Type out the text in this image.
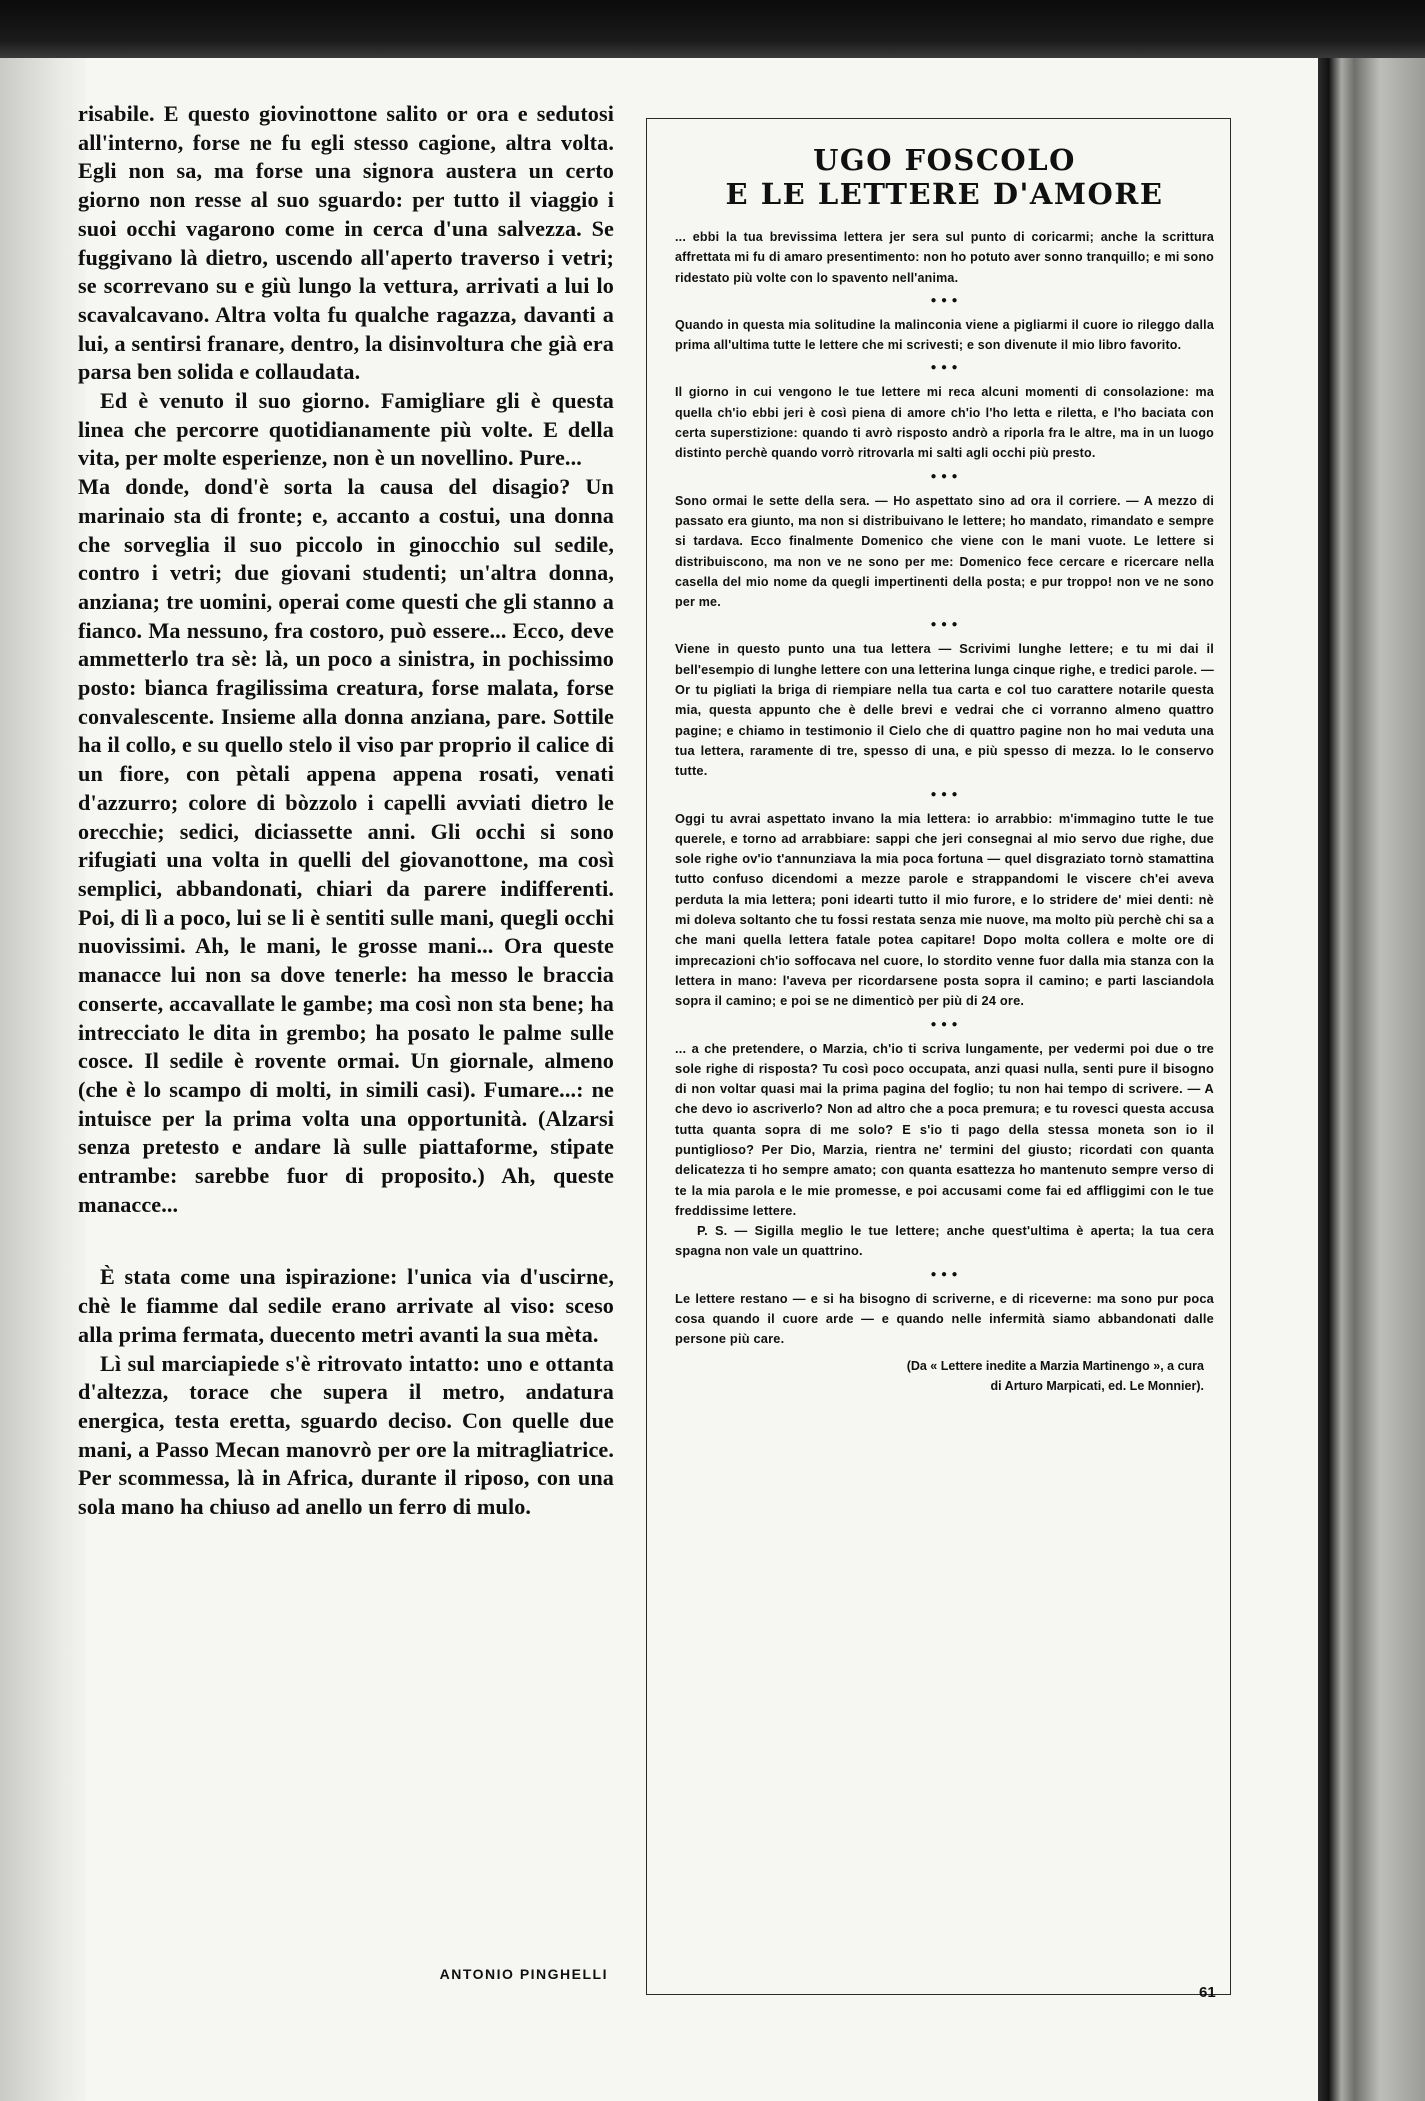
risabile. E questo giovinottone salito or ora e sedutosi all'interno, forse ne fu egli stesso cagione, altra volta. Egli non sa, ma forse una signora austera un certo giorno non resse al suo sguardo: per tutto il viaggio i suoi occhi vagarono come in cerca d'una salvezza. Se fuggivano là dietro, uscendo all'aperto traverso i vetri; se scorrevano su e giù lungo la vettura, arrivati a lui lo scavalcavano. Altra volta fu qualche ragazza, davanti a lui, a sentirsi franare, dentro, la disinvoltura che già era parsa ben solida e collaudata.

Ed è venuto il suo giorno. Famigliare gli è questa linea che percorre quotidianamente più volte. E della vita, per molte esperienze, non è un novellino. Pure...

Ma donde, dond'è sorta la causa del disagio? Un marinaio sta di fronte; e, accanto a costui, una donna che sorveglia il suo piccolo in ginocchio sul sedile, contro i vetri; due giovani studenti; un'altra donna, anziana; tre uomini, operai come questi che gli stanno a fianco. Ma nessuno, fra costoro, può essere... Ecco, deve ammetterlo tra sè: là, un poco a sinistra, in pochissimo posto: bianca fragilissima creatura, forse malata, forse convalescente. Insieme alla donna anziana, pare. Sottile ha il collo, e su quello stelo il viso par proprio il calice di un fiore, con pètali appena appena rosati, venati d'azzurro; colore di bòzzolo i capelli avviati dietro le orecchie; sedici, diciassette anni. Gli occhi si sono rifugiati una volta in quelli del giovanottone, ma così semplici, abbandonati, chiari da parere indifferenti. Poi, di lì a poco, lui se li è sentiti sulle mani, quegli occhi nuovissimi. Ah, le mani, le grosse mani... Ora queste manacce lui non sa dove tenerle: ha messo le braccia conserte, accavallate le gambe; ma così non sta bene; ha intrecciato le dita in grembo; ha posato le palme sulle cosce. Il sedile è rovente ormai. Un giornale, almeno (che è lo scampo di molti, in simili casi). Fumare...: ne intuisce per la prima volta una opportunità. (Alzarsi senza pretesto e andare là sulle piattaforme, stipate entrambe: sarebbe fuor di proposito.) Ah, queste manacce...

È stata come una ispirazione: l'unica via d'uscirne, chè le fiamme dal sedile erano arrivate al viso: sceso alla prima fermata, duecento metri avanti la sua mèta.

Lì sul marciapiede s'è ritrovato intatto: uno e ottanta d'altezza, torace che supera il metro, andatura energica, testa eretta, sguardo deciso. Con quelle due mani, a Passo Mecan manovrò per ore la mitragliatrice. Per scommessa, là in Africa, durante il riposo, con una sola mano ha chiuso ad anello un ferro di mulo.

ANTONIO PINGHELLI
UGO FOSCOLO
E LE LETTERE D'AMORE

... ebbi la tua brevissima lettera jer sera sul punto di coricarmi; anche la scrittura affrettata mi fu di amaro presentimento: non ho potuto aver sonno tranquillo; e mi sono ridestato più volte con lo spavento nell'anima.

● ● ●

Quando in questa mia solitudine la malinconia viene a pigliarmi il cuore io rileggo dalla prima all'ultima tutte le lettere che mi scrivesti; e son divenute il mio libro favorito.

● ● ●

Il giorno in cui vengono le tue lettere mi reca alcuni momenti di consolazione: ma quella ch'io ebbi jeri è così piena di amore ch'io l'ho letta e riletta, e l'ho baciata con certa superstizione: quando ti avrò risposto andrò a riporla fra le altre, ma in un luogo distinto perchè quando vorrò ritrovarla mi salti agli occhi più presto.

● ● ●

Sono ormai le sette della sera. — Ho aspettato sino ad ora il corriere. — A mezzo di passato era giunto, ma non si distribuivano le lettere; ho mandato, rimandato e sempre si tardava. Ecco finalmente Domenico che viene con le mani vuote. Le lettere si distribuiscono, ma non ve ne sono per me: Domenico fece cercare e ricercare nella casella del mio nome da quegli impertinenti della posta; e pur troppo! non ve ne sono per me.

● ● ●

Viene in questo punto una tua lettera — Scrivimi lunghe lettere; e tu mi dai il bell'esempio di lunghe lettere con una letterina lunga cinque righe, e tredici parole. — Or tu pigliati la briga di riempiare nella tua carta e col tuo carattere notarile questa mia, questa appunto che è delle brevi e vedrai che ci vorranno almeno quattro pagine; e chiamo in testimonio il Cielo che di quattro pagine non ho mai veduta una tua lettera, raramente di tre, spesso di una, e più spesso di mezza. Io le conservo tutte.

● ● ●

Oggi tu avrai aspettato invano la mia lettera: io arrabbio: m'immagino tutte le tue querele, e torno ad arrabbiare: sappi che jeri consegnai al mio servo due righe, due sole righe ov'io t'annunziava la mia poca fortuna — quel disgraziato tornò stamattina tutto confuso dicendomi a mezze parole e strappandomi le viscere ch'ei aveva perduta la mia lettera; poni idearti tutto il mio furore, e lo stridere de' miei denti: nè mi doleva soltanto che tu fossi restata senza mie nuove, ma molto più perchè chi sa a che mani quella lettera fatale potea capitare! Dopo molta collera e molte ore di imprecazioni ch'io soffocava nel cuore, lo stordito venne fuor dalla mia stanza con la lettera in mano: l'aveva per ricordarsene posta sopra il camino; e parti lasciandola sopra il camino; e poi se ne dimenticò per più di 24 ore.

● ● ●

... a che pretendere, o Marzia, ch'io ti scriva lungamente, per vedermi poi due o tre sole righe di risposta? Tu così poco occupata, anzi quasi nulla, senti pure il bisogno di non voltar quasi mai la prima pagina del foglio; tu non hai tempo di scrivere. — A che devo io ascriverlo? Non ad altro che a poca premura; e tu rovesci questa accusa tutta quanta sopra di me solo? E s'io ti pago della stessa moneta son io il puntiglioso? Per Dio, Marzia, rientra ne' termini del giusto; ricordati con quanta delicatezza ti ho sempre amato; con quanta esattezza ho mantenuto sempre verso di te la mia parola e le mie promesse, e poi accusami come fai ed affliggimi con le tue freddissime lettere.

P. S. — Sigilla meglio le tue lettere; anche quest'ultima è aperta; la tua cera spagna non vale un quattrino.

● ● ●

Le lettere restano — e si ha bisogno di scriverne, e di riceverne: ma sono pur poca cosa quando il cuore arde — e quando nelle infermità siamo abbandonati dalle persone più care.

(Da « Lettere inedite a Marzia Martinengo », a cura
di Arturo Marpicati, ed. Le Monnier).
61
